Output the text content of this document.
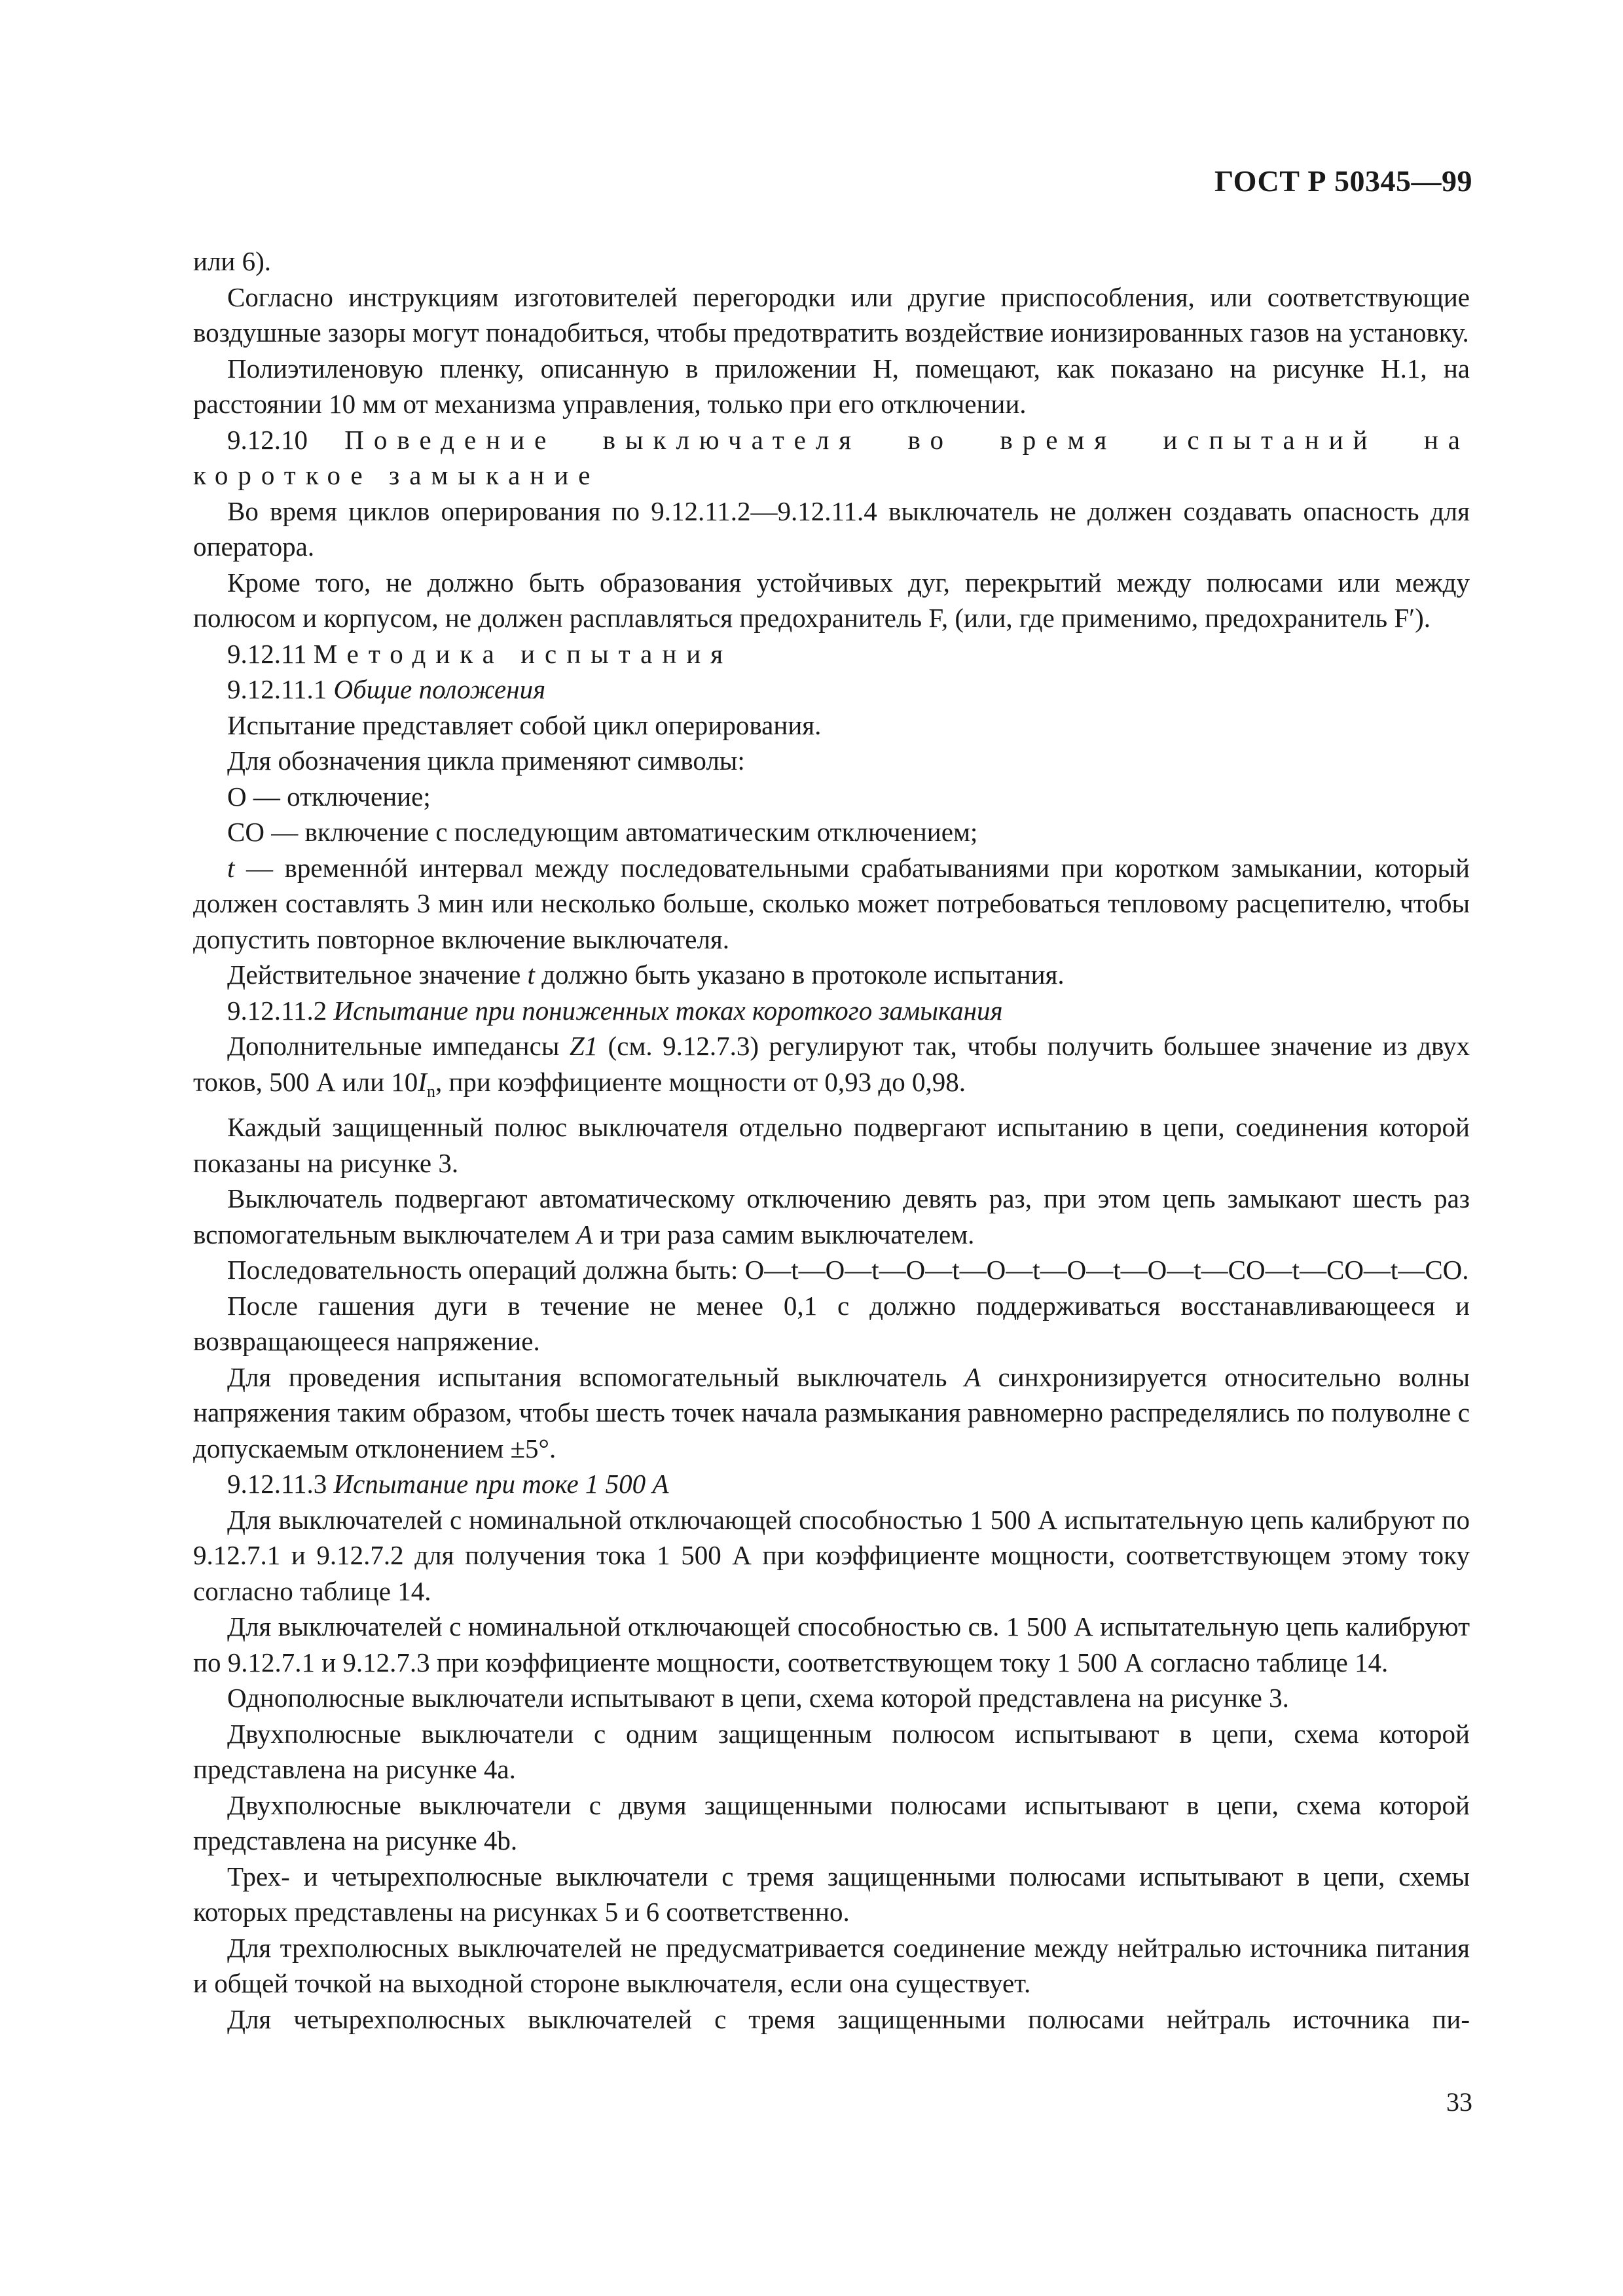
ГОСТ Р 50345—99

или 6).

Согласно инструкциям изготовителей перегородки или другие приспособления, или соответствующие воздушные зазоры могут понадобиться, чтобы предотвратить воздействие ионизированных газов на установку.

Полиэтиленовую пленку, описанную в приложении Н, помещают, как показано на рисунке Н.1, на расстоянии 10 мм от механизма управления, только при его отключении.

9.12.10 Поведение выключателя во время испытаний на короткое замыкание

Во время циклов оперирования по 9.12.11.2—9.12.11.4 выключатель не должен создавать опасность для оператора.

Кроме того, не должно быть образования устойчивых дуг, перекрытий между полюсами или между полюсом и корпусом, не должен расплавляться предохранитель F, (или, где применимо, предохранитель F′).

9.12.11 Методика испытания

9.12.11.1 Общие положения

Испытание представляет собой цикл оперирования.

Для обозначения цикла применяют символы:

О — отключение;

СО — включение с последующим автоматическим отключением;

t — временнóй интервал между последовательными срабатываниями при коротком замыкании, который должен составлять 3 мин или несколько больше, сколько может потребоваться тепловому расцепителю, чтобы допустить повторное включение выключателя.

Действительное значение t должно быть указано в протоколе испытания.

9.12.11.2 Испытание при пониженных токах короткого замыкания

Дополнительные импедансы Z1 (см. 9.12.7.3) регулируют так, чтобы получить большее значение из двух токов, 500 А или $10I_n$, при коэффициенте мощности от 0,93 до 0,98.

Каждый защищенный полюс выключателя отдельно подвергают испытанию в цепи, соединения которой показаны на рисунке 3.

Выключатель подвергают автоматическому отключению девять раз, при этом цепь замыкают шесть раз вспомогательным выключателем А и три раза самим выключателем.

Последовательность операций должна быть: O—t—O—t—O—t—O—t—O—t—O—t—CO—t—CO—t—CO.

После гашения дуги в течение не менее 0,1 с должно поддерживаться восстанавливающееся и возвращающееся напряжение.

Для проведения испытания вспомогательный выключатель А синхронизируется относительно волны напряжения таким образом, чтобы шесть точек начала размыкания равномерно распределялись по полуволне с допускаемым отклонением ±5°.

9.12.11.3 Испытание при токе 1 500 А

Для выключателей с номинальной отключающей способностью 1 500 А испытательную цепь калибруют по 9.12.7.1 и 9.12.7.2 для получения тока 1 500 А при коэффициенте мощности, соответствующем этому току согласно таблице 14.

Для выключателей с номинальной отключающей способностью св. 1 500 А испытательную цепь калибруют по 9.12.7.1 и 9.12.7.3 при коэффициенте мощности, соответствующем току 1 500 А согласно таблице 14.

Однополюсные выключатели испытывают в цепи, схема которой представлена на рисунке 3.

Двухполюсные выключатели с одним защищенным полюсом испытывают в цепи, схема которой представлена на рисунке 4а.

Двухполюсные выключатели с двумя защищенными полюсами испытывают в цепи, схема которой представлена на рисунке 4b.

Трех- и четырехполюсные выключатели с тремя защищенными полюсами испытывают в цепи, схемы которых представлены на рисунках 5 и 6 соответственно.

Для трехполюсных выключателей не предусматривается соединение между нейтралью источника питания и общей точкой на выходной стороне выключателя, если она существует.

Для четырехполюсных выключателей с тремя защищенными полюсами нейтраль источника пи-

33
